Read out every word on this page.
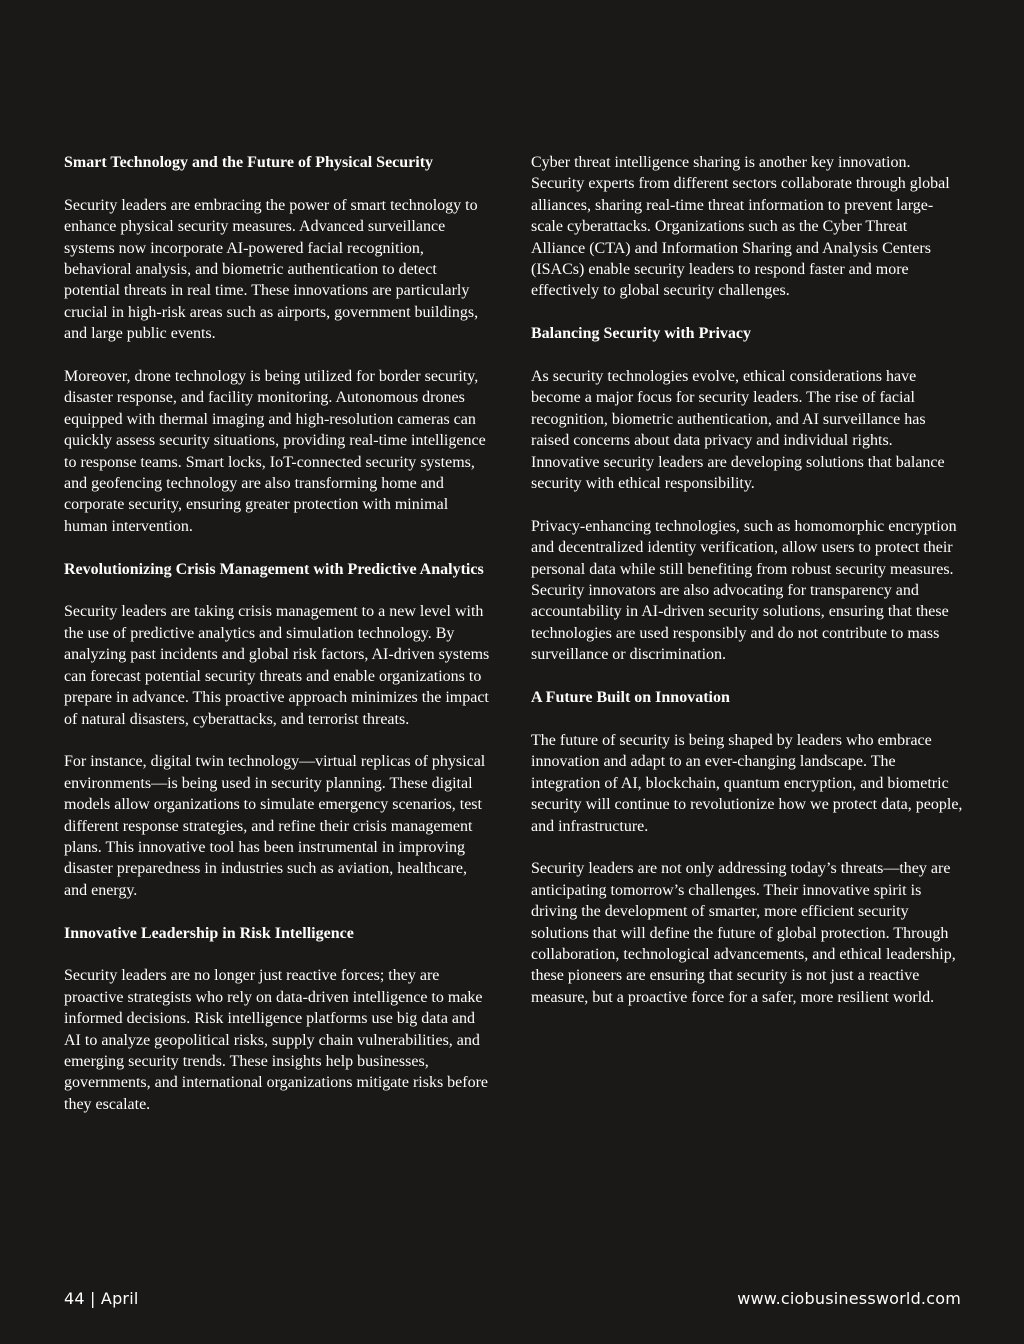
Smart Technology and the Future of Physical Security

Security leaders are embracing the power of smart technology to enhance physical security measures. Advanced surveillance systems now incorporate AI-powered facial recognition, behavioral analysis, and biometric authentication to detect potential threats in real time. These innovations are particularly crucial in high-risk areas such as airports, government buildings, and large public events.

Moreover, drone technology is being utilized for border security, disaster response, and facility monitoring. Autonomous drones equipped with thermal imaging and high-resolution cameras can quickly assess security situations, providing real-time intelligence to response teams. Smart locks, IoT-connected security systems, and geofencing technology are also transforming home and corporate security, ensuring greater protection with minimal human intervention.

Revolutionizing Crisis Management with Predictive Analytics

Security leaders are taking crisis management to a new level with the use of predictive analytics and simulation technology. By analyzing past incidents and global risk factors, AI-driven systems can forecast potential security threats and enable organizations to prepare in advance. This proactive approach minimizes the impact of natural disasters, cyberattacks, and terrorist threats.

For instance, digital twin technology—virtual replicas of physical environments—is being used in security planning. These digital models allow organizations to simulate emergency scenarios, test different response strategies, and refine their crisis management plans. This innovative tool has been instrumental in improving disaster preparedness in industries such as aviation, healthcare, and energy.

Innovative Leadership in Risk Intelligence

Security leaders are no longer just reactive forces; they are proactive strategists who rely on data-driven intelligence to make informed decisions. Risk intelligence platforms use big data and AI to analyze geopolitical risks, supply chain vulnerabilities, and emerging security trends. These insights help businesses, governments, and international organizations mitigate risks before they escalate.

Cyber threat intelligence sharing is another key innovation. Security experts from different sectors collaborate through global alliances, sharing real-time threat information to prevent large-scale cyberattacks. Organizations such as the Cyber Threat Alliance (CTA) and Information Sharing and Analysis Centers (ISACs) enable security leaders to respond faster and more effectively to global security challenges.

Balancing Security with Privacy

As security technologies evolve, ethical considerations have become a major focus for security leaders. The rise of facial recognition, biometric authentication, and AI surveillance has raised concerns about data privacy and individual rights. Innovative security leaders are developing solutions that balance security with ethical responsibility.

Privacy-enhancing technologies, such as homomorphic encryption and decentralized identity verification, allow users to protect their personal data while still benefiting from robust security measures. Security innovators are also advocating for transparency and accountability in AI-driven security solutions, ensuring that these technologies are used responsibly and do not contribute to mass surveillance or discrimination.

A Future Built on Innovation

The future of security is being shaped by leaders who embrace innovation and adapt to an ever-changing landscape. The integration of AI, blockchain, quantum encryption, and biometric security will continue to revolutionize how we protect data, people, and infrastructure.

Security leaders are not only addressing today’s threats—they are anticipating tomorrow’s challenges. Their innovative spirit is driving the development of smarter, more efficient security solutions that will define the future of global protection. Through collaboration, technological advancements, and ethical leadership, these pioneers are ensuring that security is not just a reactive measure, but a proactive force for a safer, more resilient world.

44 | April	www.ciobusinessworld.com
